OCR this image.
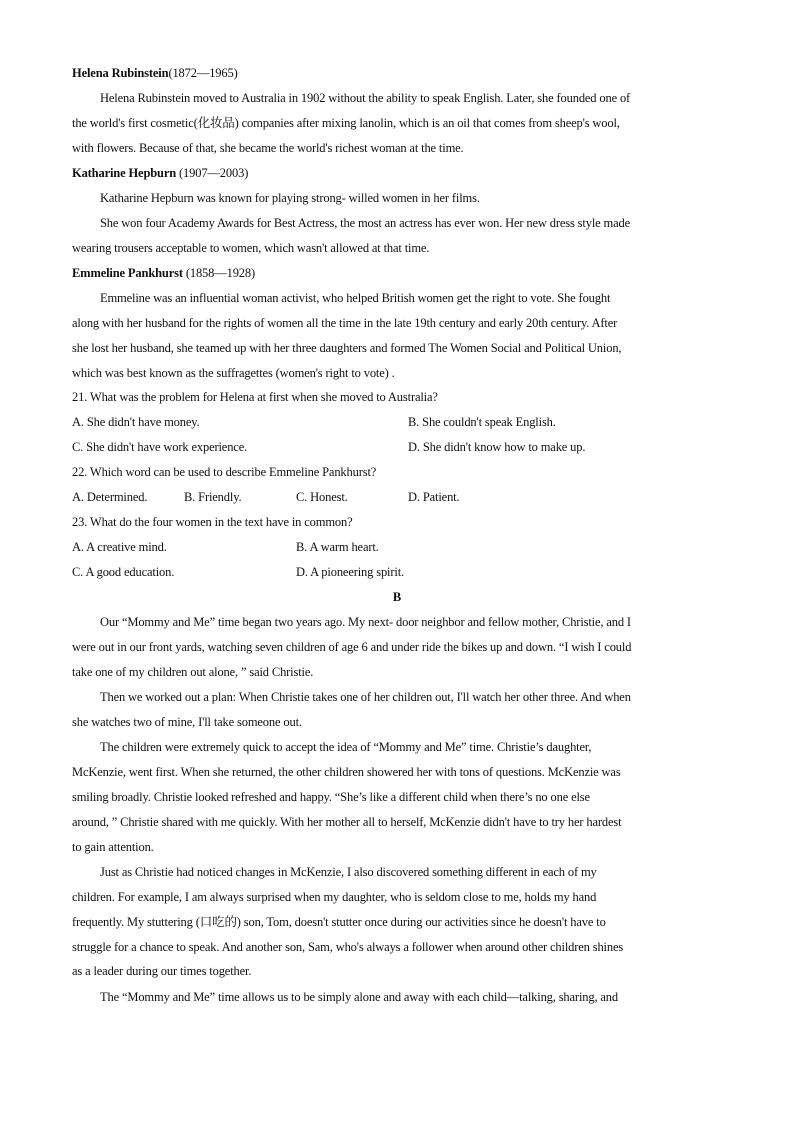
Helena Rubinstein(1872—1965)
Helena Rubinstein moved to Australia in 1902 without the ability to speak English. Later, she founded one of
the world's first cosmetic(化妆品) companies after mixing lanolin, which is an oil that comes from sheep's wool,
with flowers. Because of that, she became the world's richest woman at the time.
Katharine Hepburn (1907—2003)
Katharine Hepburn was known for playing strong- willed women in her films.
She won four Academy Awards for Best Actress, the most an actress has ever won. Her new dress style made
wearing trousers acceptable to women, which wasn't allowed at that time.
Emmeline Pankhurst (1858—1928)
Emmeline was an influential woman activist, who helped British women get the right to vote. She fought
along with her husband for the rights of women all the time in the late 19th century and early 20th century. After
she lost her husband, she teamed up with her three daughters and formed The Women Social and Political Union,
which was best known as the suffragettes (women's right to vote) .
21. What was the problem for Helena at first when she moved to Australia?
A. She didn't have money.	B. She couldn't speak English.
C. She didn't have work experience.	D. She didn't know how to make up.
22. Which word can be used to describe Emmeline Pankhurst?
A. Determined.	B. Friendly.	C. Honest.	D. Patient.
23. What do the four women in the text have in common?
A. A creative mind.	B. A warm heart.
C. A good education.	D. A pioneering spirit.
B
Our “Mommy and Me” time began two years ago. My next- door neighbor and fellow mother, Christie, and I
were out in our front yards, watching seven children of age 6 and under ride the bikes up and down. “I wish I could
take one of my children out alone, ” said Christie.
Then we worked out a plan: When Christie takes one of her children out, I'll watch her other three. And when
she watches two of mine, I'll take someone out.
The children were extremely quick to accept the idea of “Mommy and Me” time. Christie’s daughter,
McKenzie, went first. When she returned, the other children showered her with tons of questions. McKenzie was
smiling broadly. Christie looked refreshed and happy. “She’s like a different child when there’s no one else
around, ” Christie shared with me quickly. With her mother all to herself, McKenzie didn't have to try her hardest
to gain attention.
Just as Christie had noticed changes in McKenzie, I also discovered something different in each of my
children. For example, I am always surprised when my daughter, who is seldom close to me, holds my hand
frequently. My stuttering (口吃的) son, Tom, doesn't stutter once during our activities since he doesn't have to
struggle for a chance to speak. And another son, Sam, who's always a follower when around other children shines
as a leader during our times together.
The “Mommy and Me” time allows us to be simply alone and away with each child—talking, sharing, and
